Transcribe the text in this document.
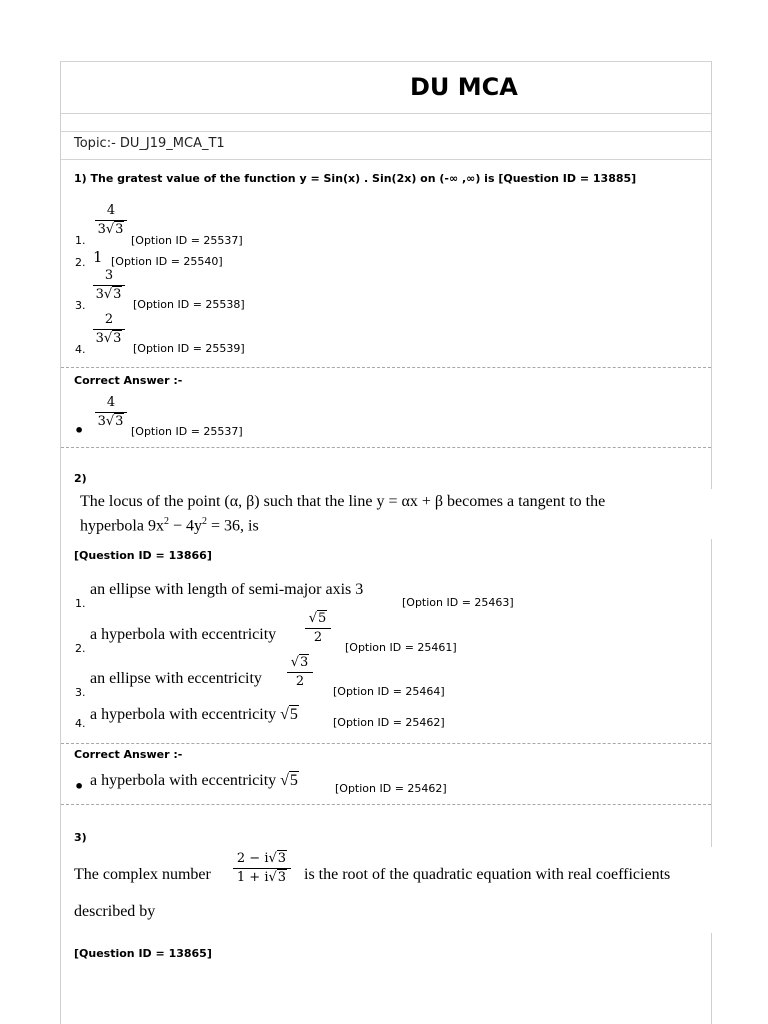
DU MCA
Topic:- DU_J19_MCA_T1
1) The gratest value of the function y = Sin(x) . Sin(2x) on (-∞ ,∞) is [Question ID = 13885]
1.
4
3√3
[Option ID = 25537]
2. 1 [Option ID = 25540]
3.
3
3√3
[Option ID = 25538]
4.
2
3√3
[Option ID = 25539]
Correct Answer :-
•
4
3√3
[Option ID = 25537]
2)
The locus of the point (α, β) such that the line y = αx + β becomes a tangent to the
hyperbola $9x^2 - 4y^2 = 36$, is
[Question ID = 13866]
1.
an ellipse with length of semi-major axis 3
[Option ID = 25463]
2.
a hyperbola with eccentricity
√5
2
[Option ID = 25461]
3.
an ellipse with eccentricity
√3
2
[Option ID = 25464]
4.
a hyperbola with eccentricity √5	[Option ID = 25462]
Correct Answer :-
• a hyperbola with eccentricity √5	[Option ID = 25462]
3)
The complex number
2 − i√3
1 + i√3	is the root of the quadratic equation with real coefficients
described by
[Question ID = 13865]
